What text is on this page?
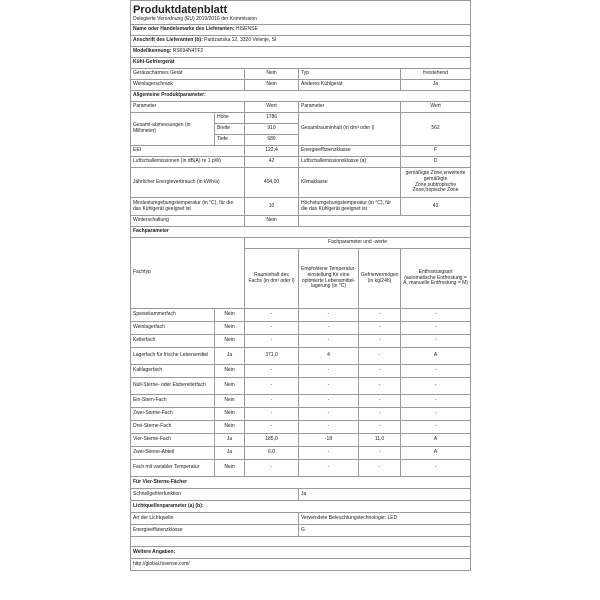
Produktdatenblatt
Delegierte Verordnung (EU) 2019/2016 der Kommission					

Name oder Handelsmarke des Lieferanten: HISENSE					
Anschrift des Lieferanten (b): Partizanska 12, 3320 Velenje, SI					
Modellkennung: RS694N4TF2					
Kühl-Gefriergerät					
Geräuscharmes Gerät		Nein	Typ		freistehend
Weinlagerschrank		Nein	Anderes Kühlgerät		Ja
Allgemeine Produktparameter:					
Parameter		Wert	Parameter		Wert
Gesamt-abmessungen (in Millimeter)	Höhe	1786	Gesamtrauminhalt (in dm³ oder l)		562
	Breite	910			
	Tiefe	689			
EEI		122,4	Energieeffizienzklasse		F
Luftschallemissionen (in dB(A) re 1 pW)		42	Luftschallemissionsklasse (a)		D
Jährlicher Energieverbrauch (in kWh/a)		404,00	Klimaklasse		gemäßigte Zone,erweiterte gemäßigte Zone,subtropische Zone,tropische Zone
Mindestumgebungstemperatur (in °C), für die das Kühlgerät geeignet ist		10	Höchstumgebungstemperatur (in °C), für die das Kühlgerät geeignet ist		43
Winterschaltung		Nein			
Fachparameter					
Fachtyp		Fachparameter und -werte			
		Rauminhalt des Fachs (in dm³ oder l)	Empfohlene Temperatur-einstellung für eine optimierte Lebensmittel-lagerung (in °C)	Gefriervermögen (in kg/24h)	Entfrostungsart (automatische Entfrostung = A, manuelle Entfrostung = M)
Speisekammerfach	Nein	-	-	-	-
Weinlagerfach	Nein	-	-	-	-
Kellerfach	Nein	-	-	-	-
Lagerfach für frische Lebensmittel	Ja	371,0	4	-	A
Kaltlagerfach	Nein	-	-	-	-
Null-Sterne- oder Eisbereiterfach	Nein	-	-	-	-
Ein-Stern-Fach	Nein	-	-	-	-
Zwei-Sterne-Fach	Nein	-	-	-	-
Drei-Sterne-Fach	Nein	-	-	-	-
Vier-Sterne-Fach	Ja	185,0	-18	11,0	A
Zwei-Sterne-Abteil	Ja	6,0	-	-	A
Fach mit variabler Temperatur	Nein	-	-	-	-
Für Vier-Sterne-Fächer					
Schnellgefrierfunktion			Ja		
Lichtquellenparameter (a) (b):					
Art der Lichtquelle			Verwendete Beleuchtungstechnologie: LED		
Energieeffizienzklasse			G		

Weitere Angaben:					
http://global.hisense.com/					
